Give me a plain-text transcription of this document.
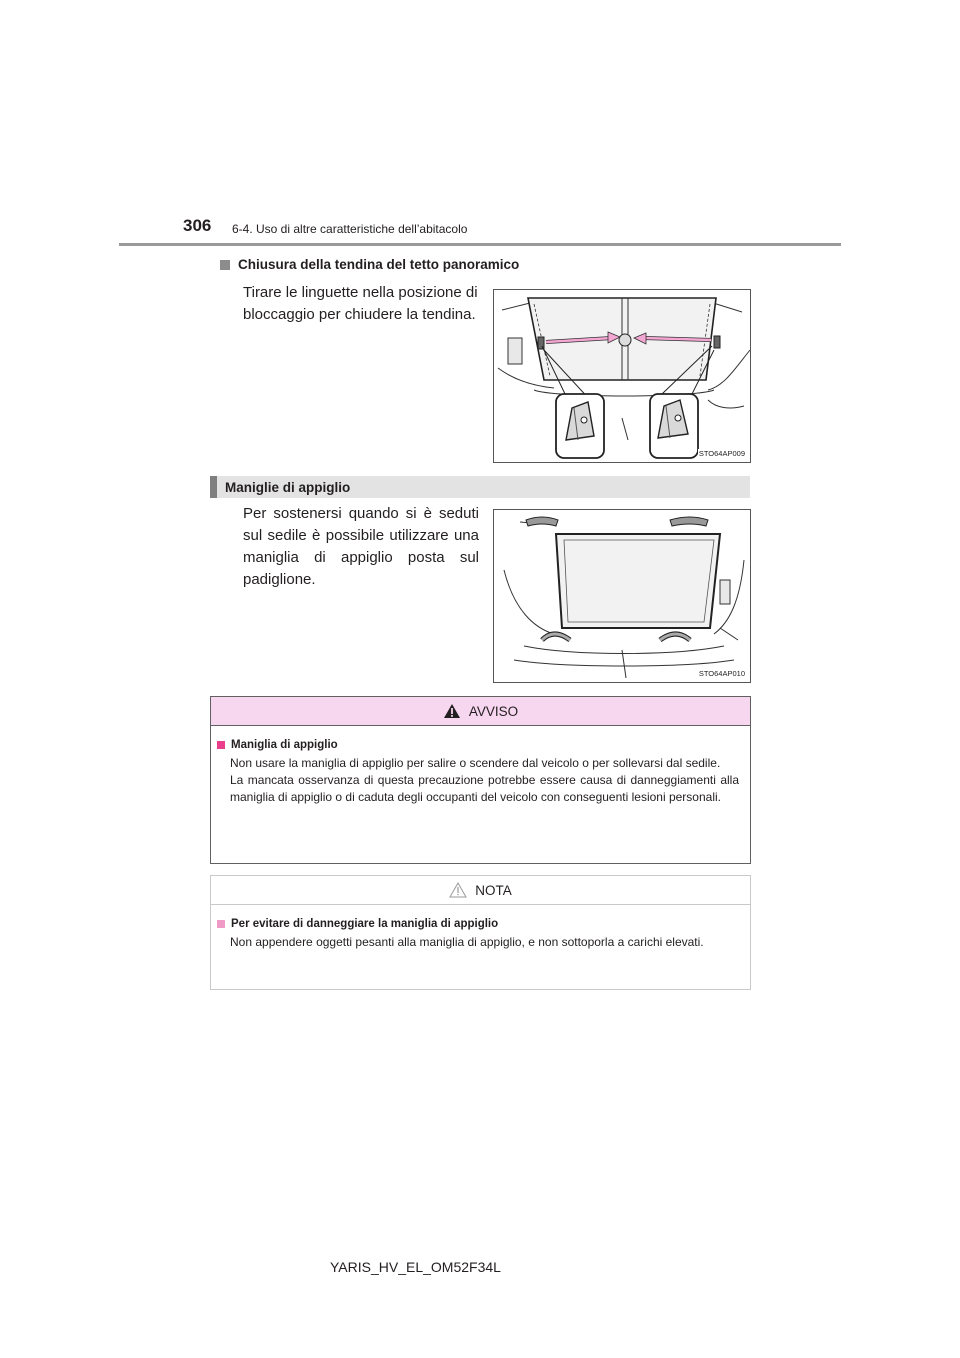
306 6-4. Uso di altre caratteristiche dell’abitacolo
Chiusura della tendina del tetto panoramico
Tirare le linguette nella posizione di bloccaggio per chiudere la tendina.
STO64AP009
Maniglie di appiglio
Per sostenersi quando si è seduti sul sedile è possibile utilizzare una maniglia di appiglio posta sul padiglione.
STO64AP010
AVVISO
Maniglia di appiglio
Non usare la maniglia di appiglio per salire o scendere dal veicolo o per sollevarsi dal sedile.
La mancata osservanza di questa precauzione potrebbe essere causa di danneggiamenti alla maniglia di appiglio o di caduta degli occupanti del veicolo con conseguenti lesioni personali.
NOTA
Per evitare di danneggiare la maniglia di appiglio
Non appendere oggetti pesanti alla maniglia di appiglio, e non sottoporla a carichi elevati.
YARIS_HV_EL_OM52F34L
